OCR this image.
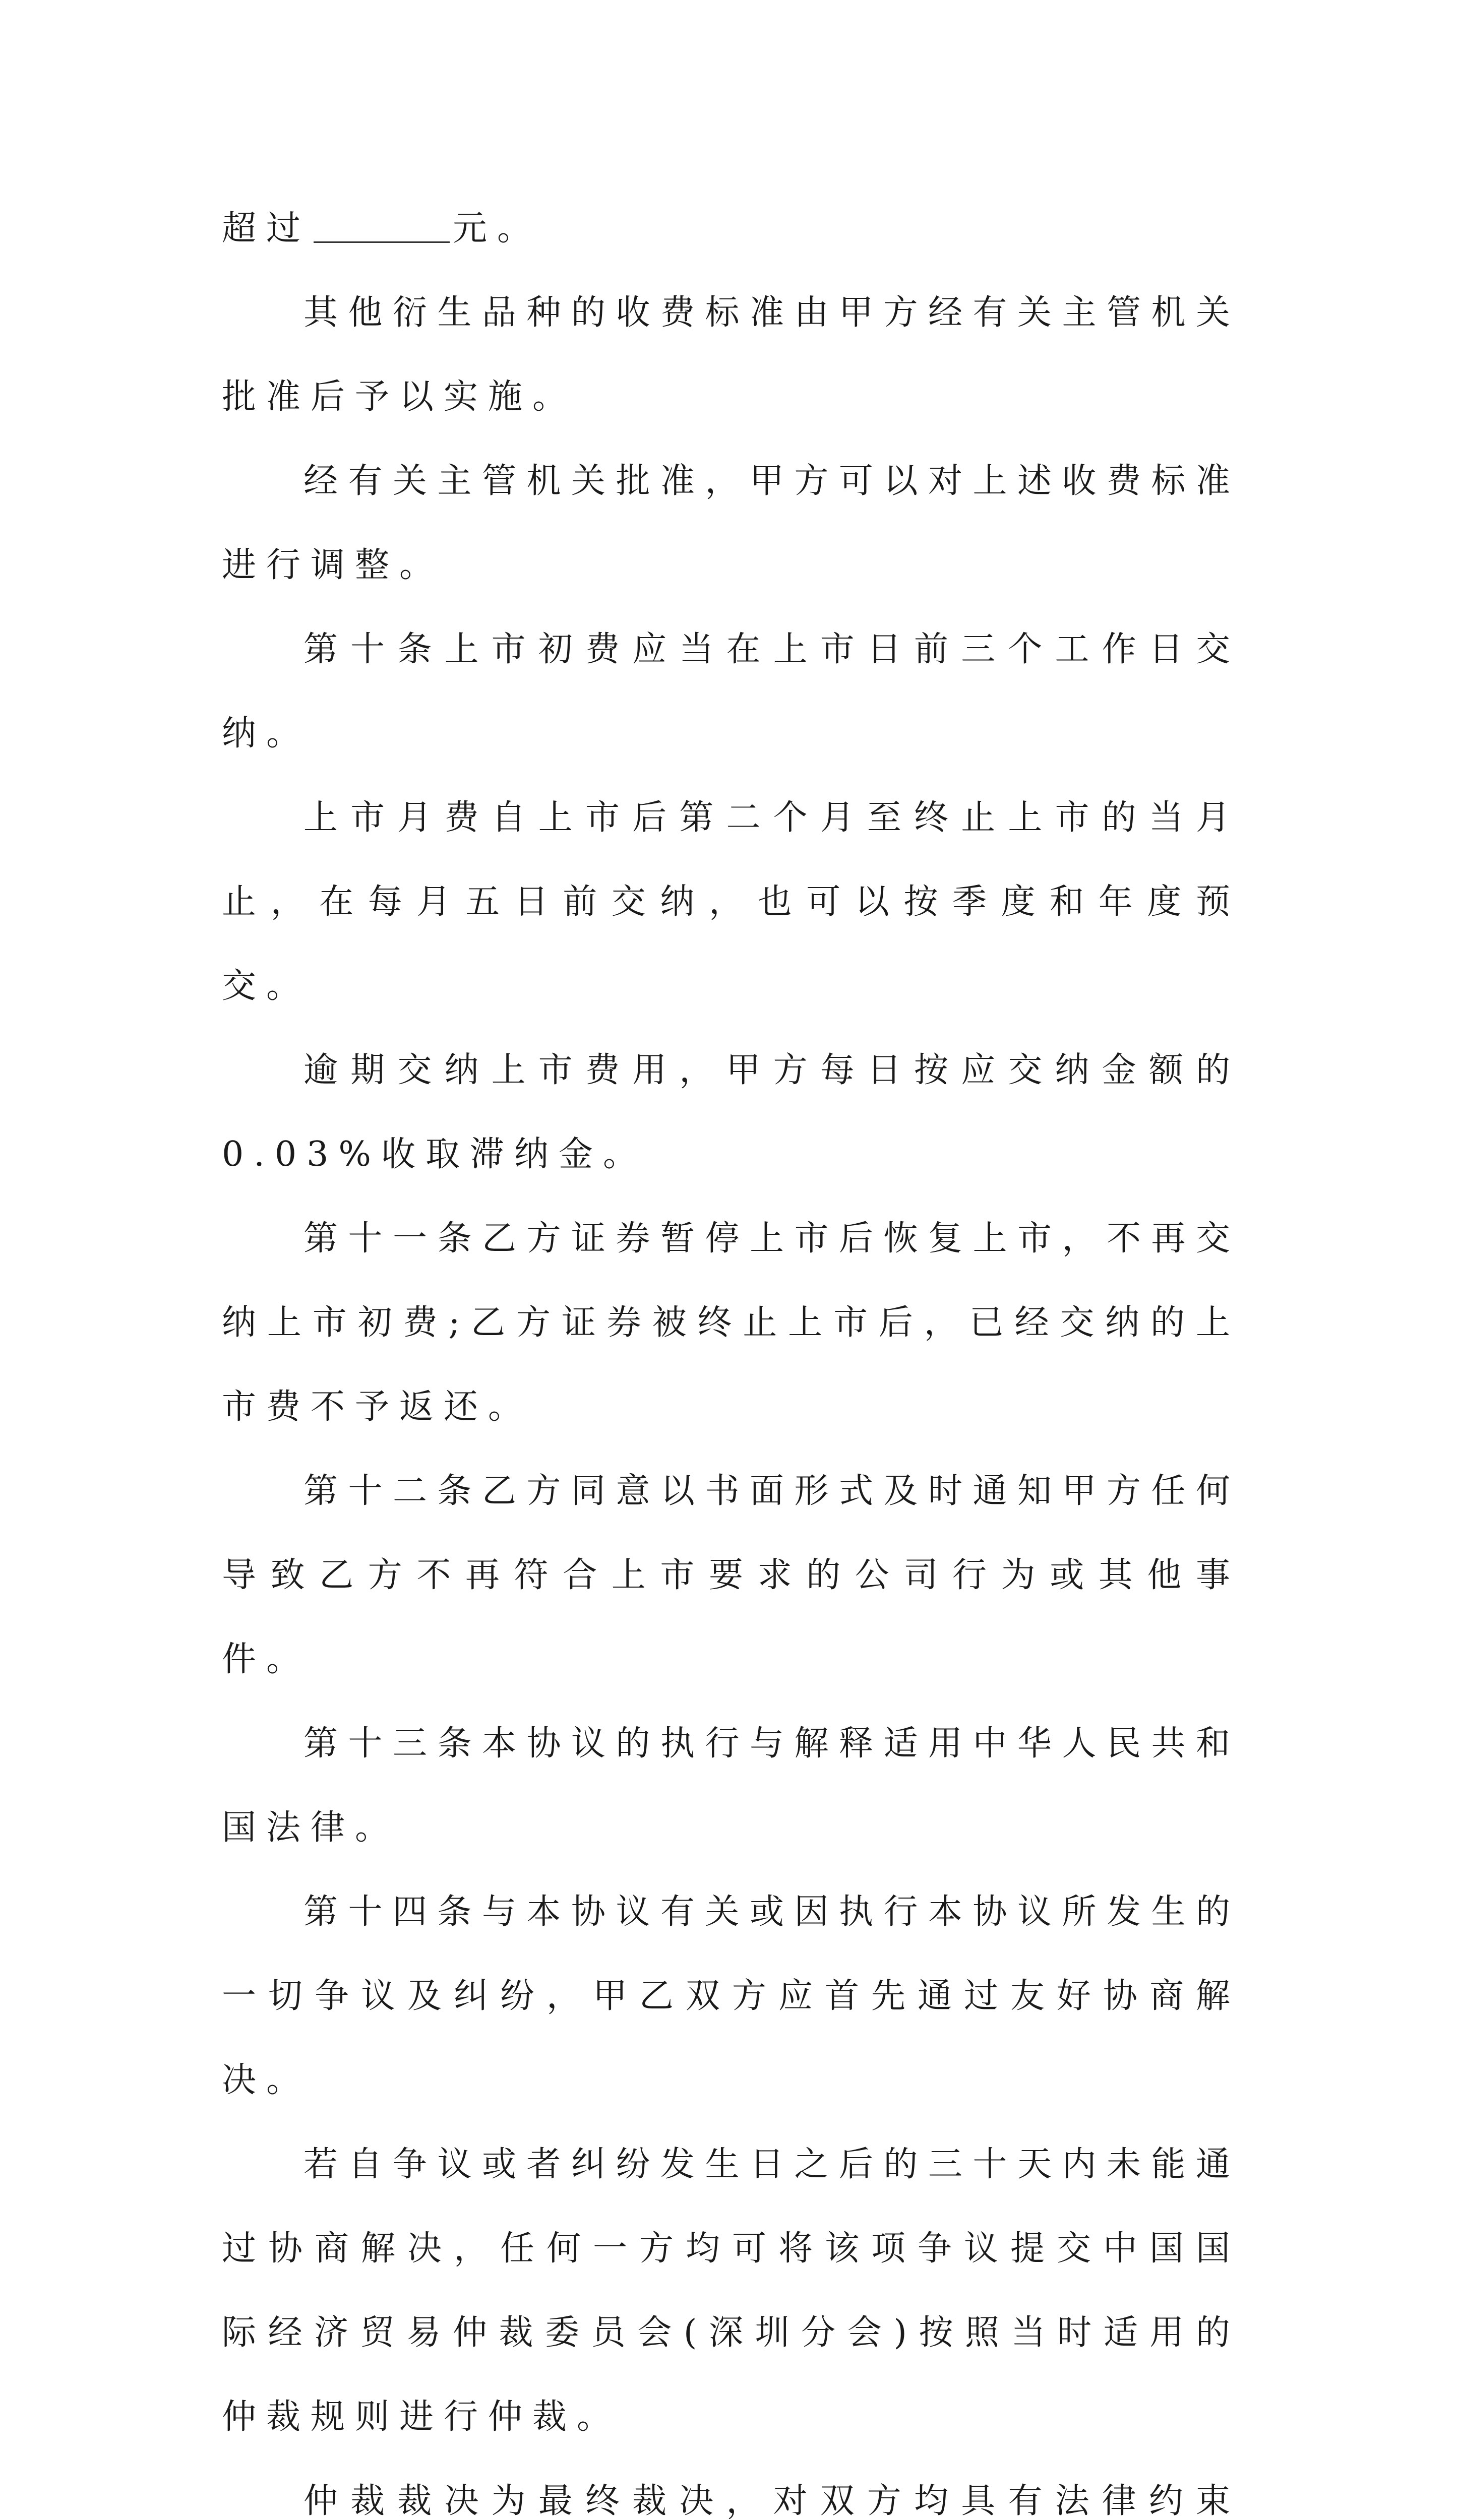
超过	元。

其他衍生品种的收费标准由甲方经有关主管机关批准后予以实施。

经有关主管机关批准，甲方可以对上述收费标准进行调整。

第十条上市初费应当在上市日前三个工作日交纳。

上市月费自上市后第二个月至终止上市的当月止，在每月五日前交纳，也可以按季度和年度预交。

逾期交纳上市费用，甲方每日按应交纳金额的0.03%收取滞纳金。

第十一条乙方证券暂停上市后恢复上市，不再交纳上市初费;乙方证券被终止上市后，已经交纳的上市费不予返还。

第十二条乙方同意以书面形式及时通知甲方任何导致乙方不再符合上市要求的公司行为或其他事件。

第十三条本协议的执行与解释适用中华人民共和国法律。

第十四条与本协议有关或因执行本协议所发生的一切争议及纠纷，甲乙双方应首先通过友好协商解决。

若自争议或者纠纷发生日之后的三十天内未能通过协商解决，任何一方均可将该项争议提交中国国际经济贸易仲裁委员会(深圳分会)按照当时适用的仲裁规则进行仲裁。

仲裁裁决为最终裁决，对双方均具有法律约束
